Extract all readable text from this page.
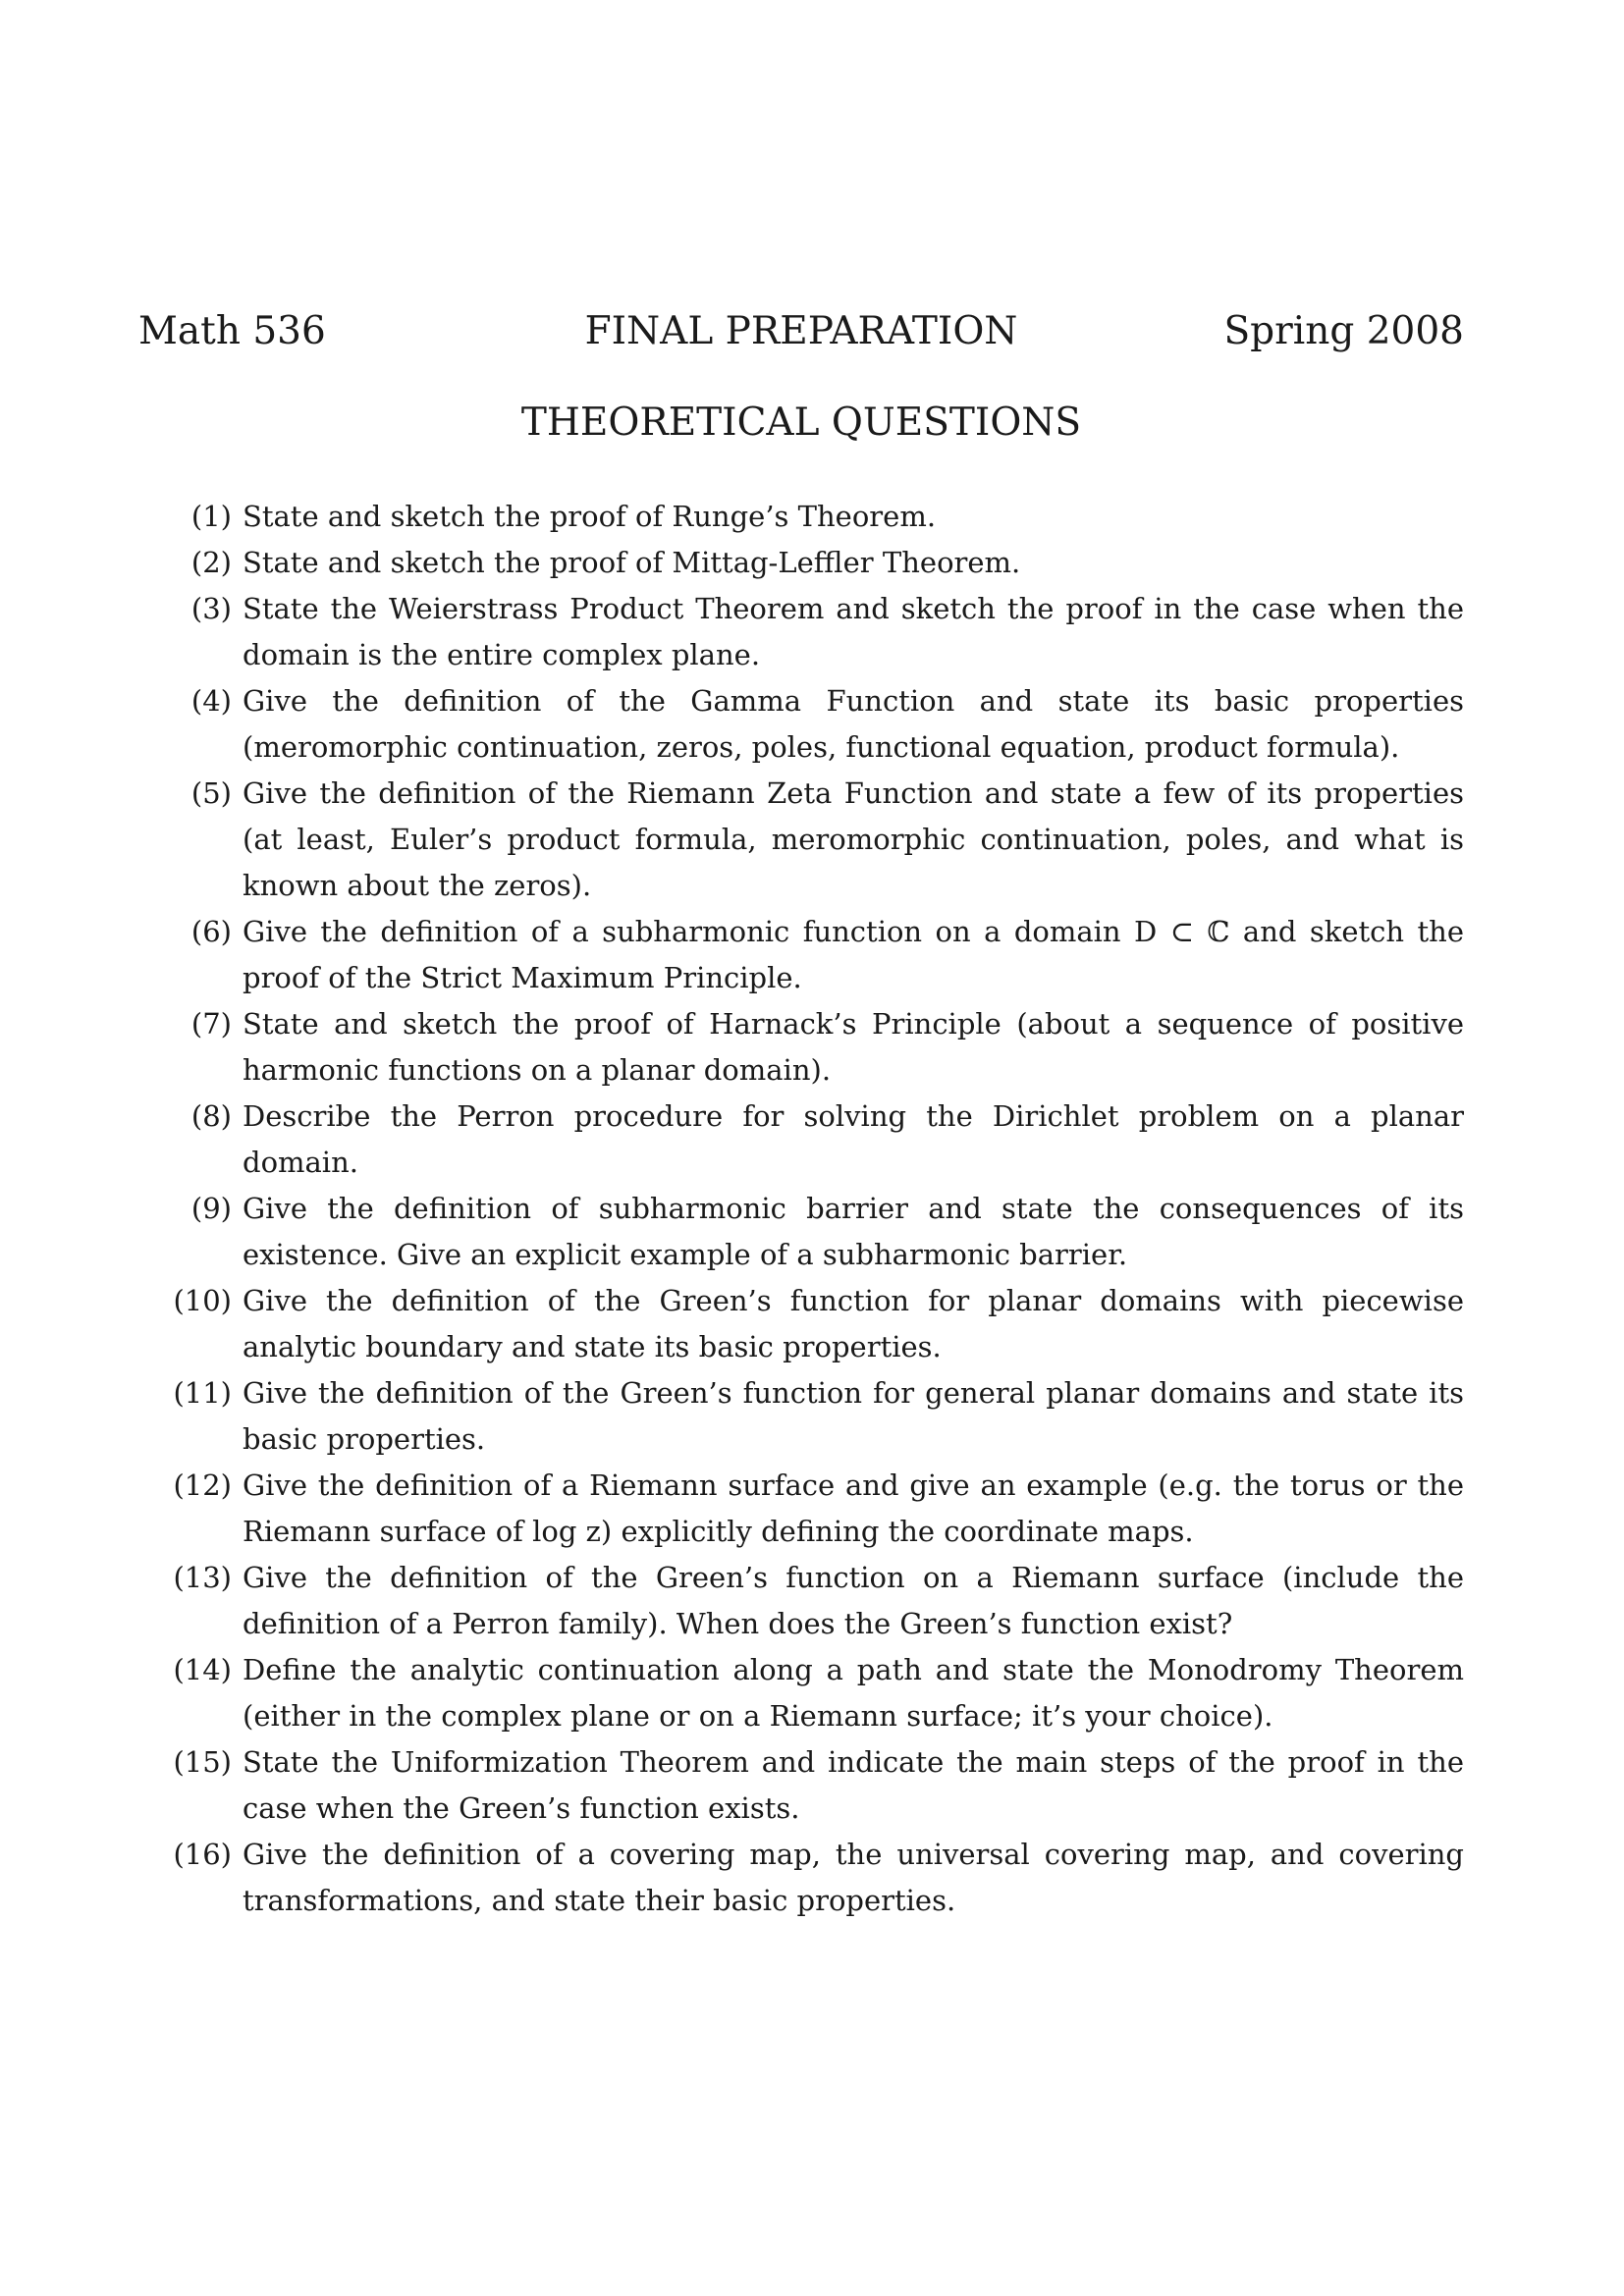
Math 536	FINAL PREPARATION	Spring 2008
THEORETICAL QUESTIONS
(1) State and sketch the proof of Runge’s Theorem.
(2) State and sketch the proof of Mittag-Leffler Theorem.
(3) State the Weierstrass Product Theorem and sketch the proof in the case when the domain is the entire complex plane.
(4) Give the definition of the Gamma Function and state its basic properties (meromorphic continuation, zeros, poles, functional equation, product formula).
(5) Give the definition of the Riemann Zeta Function and state a few of its properties (at least, Euler’s product formula, meromorphic continuation, poles, and what is known about the zeros).
(6) Give the definition of a subharmonic function on a domain D ⊂ ℂ and sketch the proof of the Strict Maximum Principle.
(7) State and sketch the proof of Harnack’s Principle (about a sequence of positive harmonic functions on a planar domain).
(8) Describe the Perron procedure for solving the Dirichlet problem on a planar domain.
(9) Give the definition of subharmonic barrier and state the consequences of its existence. Give an explicit example of a subharmonic barrier.
(10) Give the definition of the Green’s function for planar domains with piecewise analytic boundary and state its basic properties.
(11) Give the definition of the Green’s function for general planar domains and state its basic properties.
(12) Give the definition of a Riemann surface and give an example (e.g. the torus or the Riemann surface of log z) explicitly defining the coordinate maps.
(13) Give the definition of the Green’s function on a Riemann surface (include the definition of a Perron family). When does the Green’s function exist?
(14) Define the analytic continuation along a path and state the Monodromy Theorem (either in the complex plane or on a Riemann surface; it’s your choice).
(15) State the Uniformization Theorem and indicate the main steps of the proof in the case when the Green’s function exists.
(16) Give the definition of a covering map, the universal covering map, and covering transformations, and state their basic properties.
